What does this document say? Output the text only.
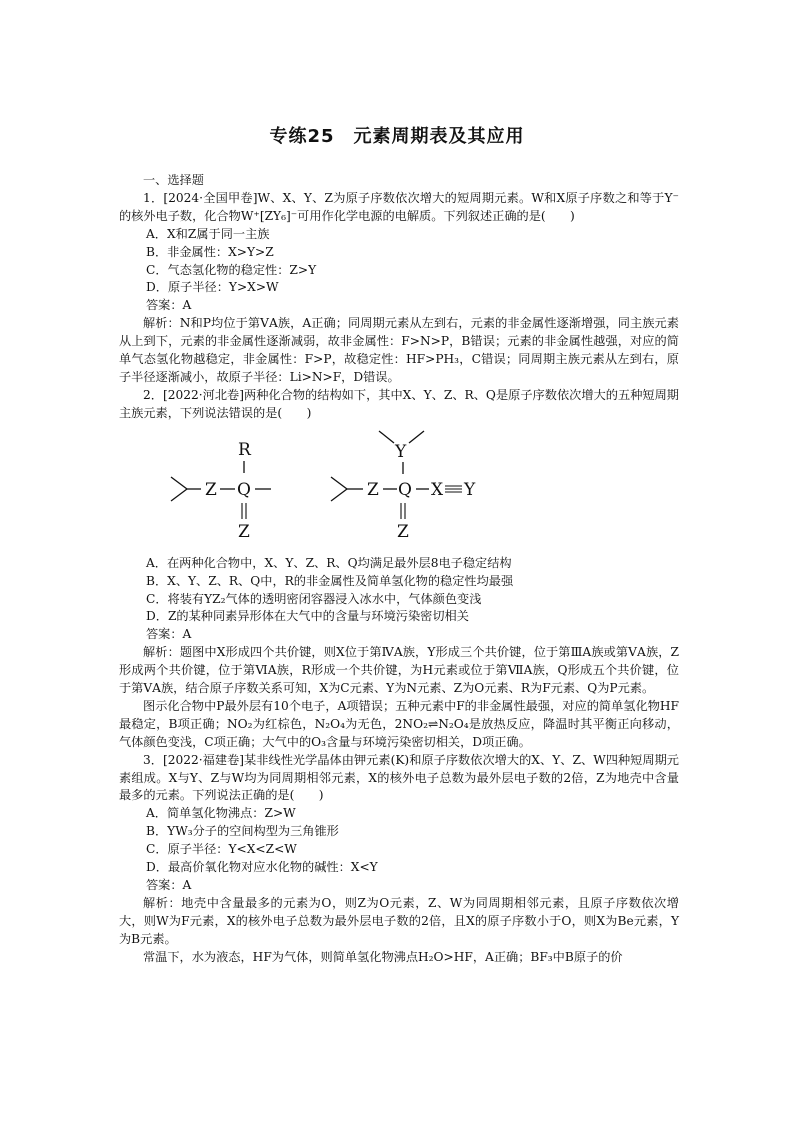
专练25　元素周期表及其应用

一、选择题

1．[2024·全国甲卷]W、X、Y、Z为原子序数依次增大的短周期元素。W和X原子序数之和等于Y⁻的核外电子数，化合物W⁺[ZY₆]⁻可用作化学电源的电解质。下列叙述正确的是(　　)

A．X和Z属于同一主族

B．非金属性：X>Y>Z

C．气态氢化物的稳定性：Z>Y

D．原子半径：Y>X>W

答案：A

解析：N和P均位于第ⅤA族，A正确；同周期元素从左到右，元素的非金属性逐渐增强，同主族元素从上到下，元素的非金属性逐渐减弱，故非金属性：F>N>P，B错误；元素的非金属性越强，对应的简单气态氢化物越稳定，非金属性：F>P，故稳定性：HF>PH₃，C错误；同周期主族元素从左到右，原子半径逐渐减小，故原子半径：Li>N>F，D错误。

2．[2022·河北卷]两种化合物的结构如下，其中X、Y、Z、R、Q是原子序数依次增大的五种短周期主族元素，下列说法错误的是(　　)

Z Q
R
Z
Z Q X Y
Y
Z

A．在两种化合物中，X、Y、Z、R、Q均满足最外层8电子稳定结构

B．X、Y、Z、R、Q中，R的非金属性及简单氢化物的稳定性均最强

C．将装有YZ₂气体的透明密闭容器浸入冰水中，气体颜色变浅

D．Z的某种同素异形体在大气中的含量与环境污染密切相关

答案：A

解析：题图中X形成四个共价键，则X位于第ⅣA族，Y形成三个共价键，位于第ⅢA族或第ⅤA族，Z形成两个共价键，位于第ⅥA族，R形成一个共价键，为H元素或位于第ⅦA族，Q形成五个共价键，位于第ⅤA族，结合原子序数关系可知，X为C元素、Y为N元素、Z为O元素、R为F元素、Q为P元素。

图示化合物中P最外层有10个电子，A项错误；五种元素中F的非金属性最强，对应的简单氢化物HF最稳定，B项正确；NO₂为红棕色，N₂O₄为无色，2NO₂⇌N₂O₄是放热反应，降温时其平衡正向移动，气体颜色变浅，C项正确；大气中的O₃含量与环境污染密切相关，D项正确。

3．[2022·福建卷]某非线性光学晶体由钾元素(K)和原子序数依次增大的X、Y、Z、W四种短周期元素组成。X与Y、Z与W均为同周期相邻元素，X的核外电子总数为最外层电子数的2倍，Z为地壳中含量最多的元素。下列说法正确的是(　　)

A．简单氢化物沸点：Z>W

B．YW₃分子的空间构型为三角锥形

C．原子半径：Y<X<Z<W

D．最高价氧化物对应水化物的碱性：X<Y

答案：A

解析：地壳中含量最多的元素为O，则Z为O元素，Z、W为同周期相邻元素，且原子序数依次增大，则W为F元素，X的核外电子总数为最外层电子数的2倍，且X的原子序数小于O，则X为Be元素，Y为B元素。

常温下，水为液态，HF为气体，则简单氢化物沸点H₂O>HF，A正确；BF₃中B原子的价
